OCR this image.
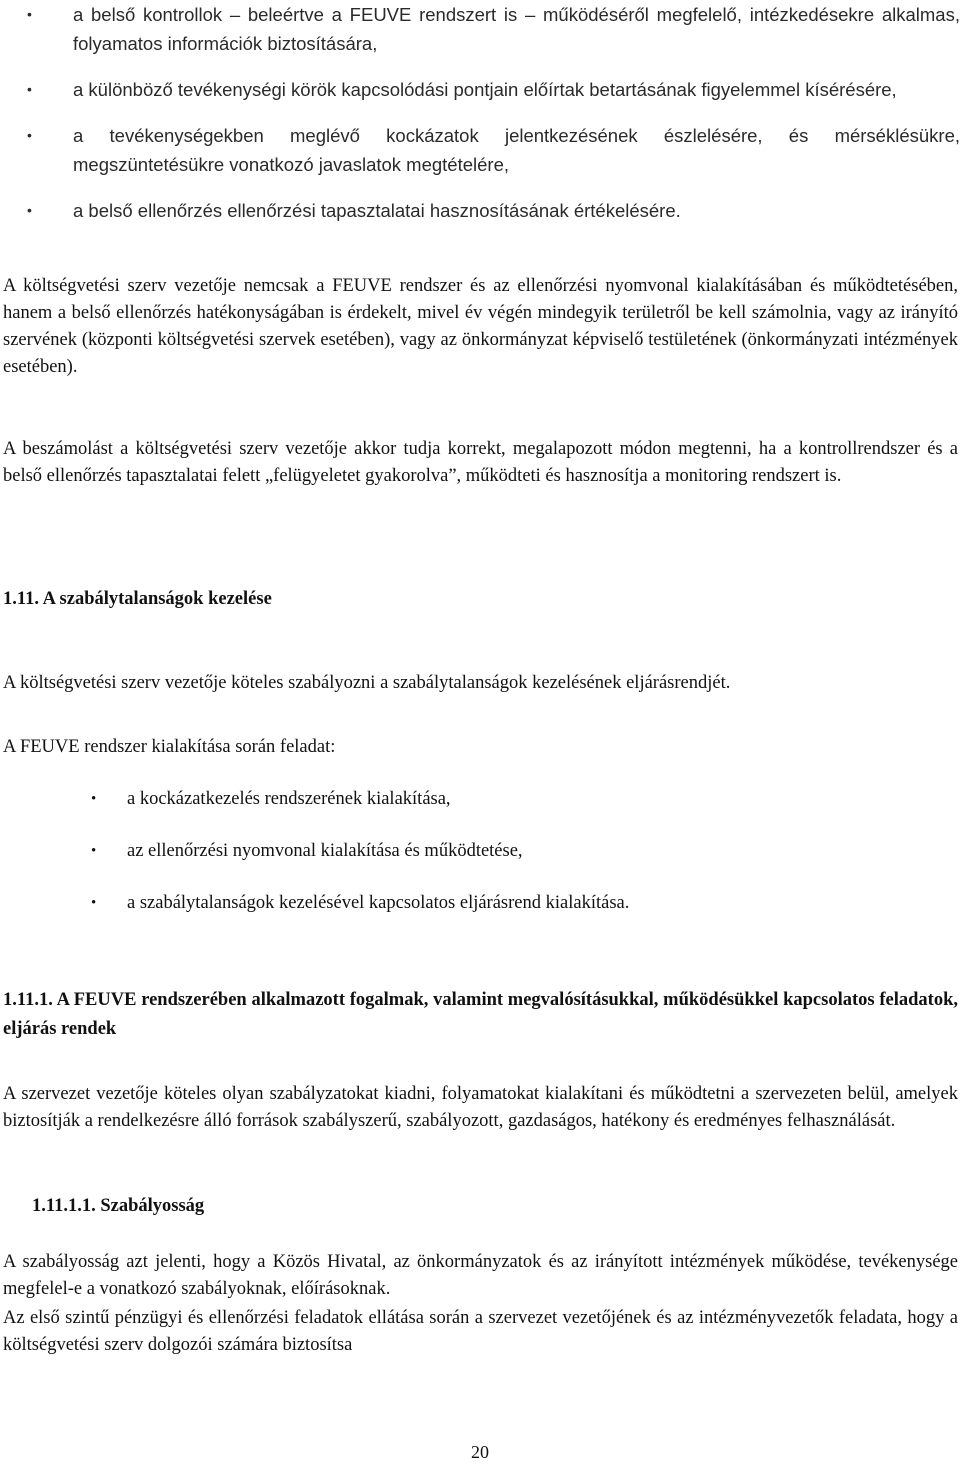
• a belső kontrollok – beleértve a FEUVE rendszert is – működéséről megfelelő, intézkedésekre alkalmas, folyamatos információk biztosítására,
• a különböző tevékenységi körök kapcsolódási pontjain előírtak betartásának figyelemmel kísérésére,
• a tevékenységekben meglévő kockázatok jelentkezésének észlelésére, és mérséklésükre, megszüntetésükre vonatkozó javaslatok megtételére,
• a belső ellenőrzés ellenőrzési tapasztalatai hasznosításának értékelésére.

A költségvetési szerv vezetője nemcsak a FEUVE rendszer és az ellenőrzési nyomvonal kialakításában és működtetésében, hanem a belső ellenőrzés hatékonyságában is érdekelt, mivel év végén mindegyik területről be kell számolnia, vagy az irányító szervének (központi költségvetési szervek esetében), vagy az önkormányzat képviselő testületének (önkormányzati intézmények esetében).

A beszámolást a költségvetési szerv vezetője akkor tudja korrekt, megalapozott módon megtenni, ha a kontrollrendszer és a belső ellenőrzés tapasztalatai felett „felügyeletet gyakorolva”, működteti és hasznosítja a monitoring rendszert is.

1.11. A szabálytalanságok kezelése

A költségvetési szerv vezetője köteles szabályozni a szabálytalanságok kezelésének eljárásrendjét.

A FEUVE rendszer kialakítása során feladat:

• a kockázatkezelés rendszerének kialakítása,
• az ellenőrzési nyomvonal kialakítása és működtetése,
• a szabálytalanságok kezelésével kapcsolatos eljárásrend kialakítása.
1.11.1. A FEUVE rendszerében alkalmazott fogalmak, valamint megvalósításukkal, működésükkel kapcsolatos feladatok, eljárás rendek

A szervezet vezetője köteles olyan szabályzatokat kiadni, folyamatokat kialakítani és működtetni a szervezeten belül, amelyek biztosítják a rendelkezésre álló források szabályszerű, szabályozott, gazdaságos, hatékony és eredményes felhasználását.

1.11.1.1. Szabályosság

A szabályosság azt jelenti, hogy a Közös Hivatal, az önkormányzatok és az irányított intézmények működése, tevékenysége megfelel-e a vonatkozó szabályoknak, előírásoknak.

Az első szintű pénzügyi és ellenőrzési feladatok ellátása során a szervezet vezetőjének és az intézményvezetők feladata, hogy a költségvetési szerv dolgozói számára biztosítsa

20
